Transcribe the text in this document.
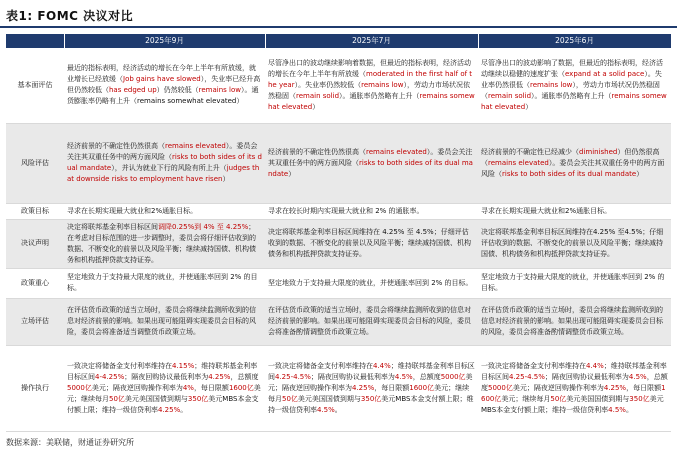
表1: FOMC 决议对比
	2025年9月	2025年7月	2025年6月
基本面评估	最近的指标表明，经济活动的增长在今年上半年有所放缓，就业增长已经放缓（Job gains have slowed），失业率已经升高但仍然较低（has edged up）仍然较低（remains low）。通货膨胀率仍略有上升（remains somewhat elevated）	尽管净出口的波动继续影响着数据，但最近的指标表明，经济活动的增长在今年上半年有所放缓（moderated in the first half of the year）。失业率仍然较低（remains low），劳动力市场状况依然稳固（remain solid）。通胀率仍然略有上升（remains somewhat elevated）	尽管净出口的波动影响了数据，但最近的指标表明，经济活动继续以稳健的速度扩张（expand at a solid pace）。失业率仍然很低（remains low），劳动力市场状况仍然稳固（remain solid）。通胀率仍然略有上升（remains somewhat elevated）
风险评估	经济前景的不确定性仍然很高（remains elevated）。委员会关注其双重任务中的两方面风险（risks to both sides of its dual mandate），并认为就业下行的风险有所上升（judges that downside risks to employment have risen）	经济前景的不确定性仍然很高（remains elevated）。委员会关注其双重任务中的两方面风险（risks to both sides of its dual mandate）	经济前景的不确定性已经减少（diminished）但仍然很高（remains elevated）。委员会关注其双重任务中的两方面风险（risks to both sides of its dual mandate）
政策目标	寻求在长期实现最大就业和2%通胀目标。	寻求在较长时期内实现最大就业和 2% 的通胀率。	寻求在长期实现最大就业和2%通胀目标。
决议声明	决定将联邦基金利率目标区间调降0.25%到 4% 至 4.25%；在考虑对目标范围的进一步调整时，委员会将仔细评估收到的数据、不断变化的前景以及风险平衡；继续减持国债、机构债务和机构抵押贷款支持证券。	决定将联邦基金利率目标区间维持在 4.25% 至 4.5%；仔细评估收到的数据、不断变化的前景以及风险平衡；继续减持国债、机构债务和机构抵押贷款支持证券。	决定将联邦基金利率目标区间维持在4.25% 至4.5%；仔细评估收到的数据、不断变化的前景以及风险平衡；继续减持国债、机构债务和机构抵押贷款支持证券。
政策重心	坚定地致力于支持最大限度的就业，并使通胀率回到 2% 的目标。	坚定地致力于支持最大限度的就业，并使通胀率回到 2% 的目标。	坚定地致力于支持最大限度的就业，并使通胀率回到 2% 的目标。
立场评估	在评估货币政策的适当立场时，委员会将继续监测所收到的信息对经济前景的影响。如果出现可能阻碍实现委员会目标的风险，委员会将准备适当调整货币政策立场。	在评估货币政策的适当立场时，委员会将继续监测所收到的信息对经济前景的影响。如果出现可能阻碍实现委员会目标的风险，委员会将准备酌情调整货币政策立场。	在评估货币政策的适当立场时，委员会将继续监测所收到的信息对经济前景的影响。如果出现可能阻碍实现委员会目标的风险，委员会将准备酌情调整货币政策立场。
操作执行	一致决定将储备金支付利率维持在4.15%；维持联邦基金利率目标区间4-4.25%；隔夜回购协议最低利率为4.25%，总额度5000亿美元；隔夜逆回购操作利率为4%，每日限额1600亿美元；继续每月50亿美元美国国债到期与350亿美元MBS本金支付额上限；维持一级信贷利率4.25%。	一致决定将储备金支付利率维持在4.4%；维持联邦基金利率目标区间4.25-4.5%；隔夜回购协议最低利率为4.5%，总额度5000亿美元；隔夜逆回购操作利率为4.25%，每日限额1600亿美元；继续每月50亿美元美国国债到期与350亿美元MBS本金支付额上限；维持一级信贷利率4.5%。	一致决定将储备金支付利率维持在4.4%；维持联邦基金利率目标区间4.25-4.5%；隔夜回购协议最低利率为4.5%，总额度5000亿美元；隔夜逆回购操作利率为4.25%，每日限额1600亿美元；继续每月50亿美元美国国债到期与350亿美元MBS本金支付额上限；维持一级信贷利率4.5%。
数据来源：美联储，财通证券研究所
